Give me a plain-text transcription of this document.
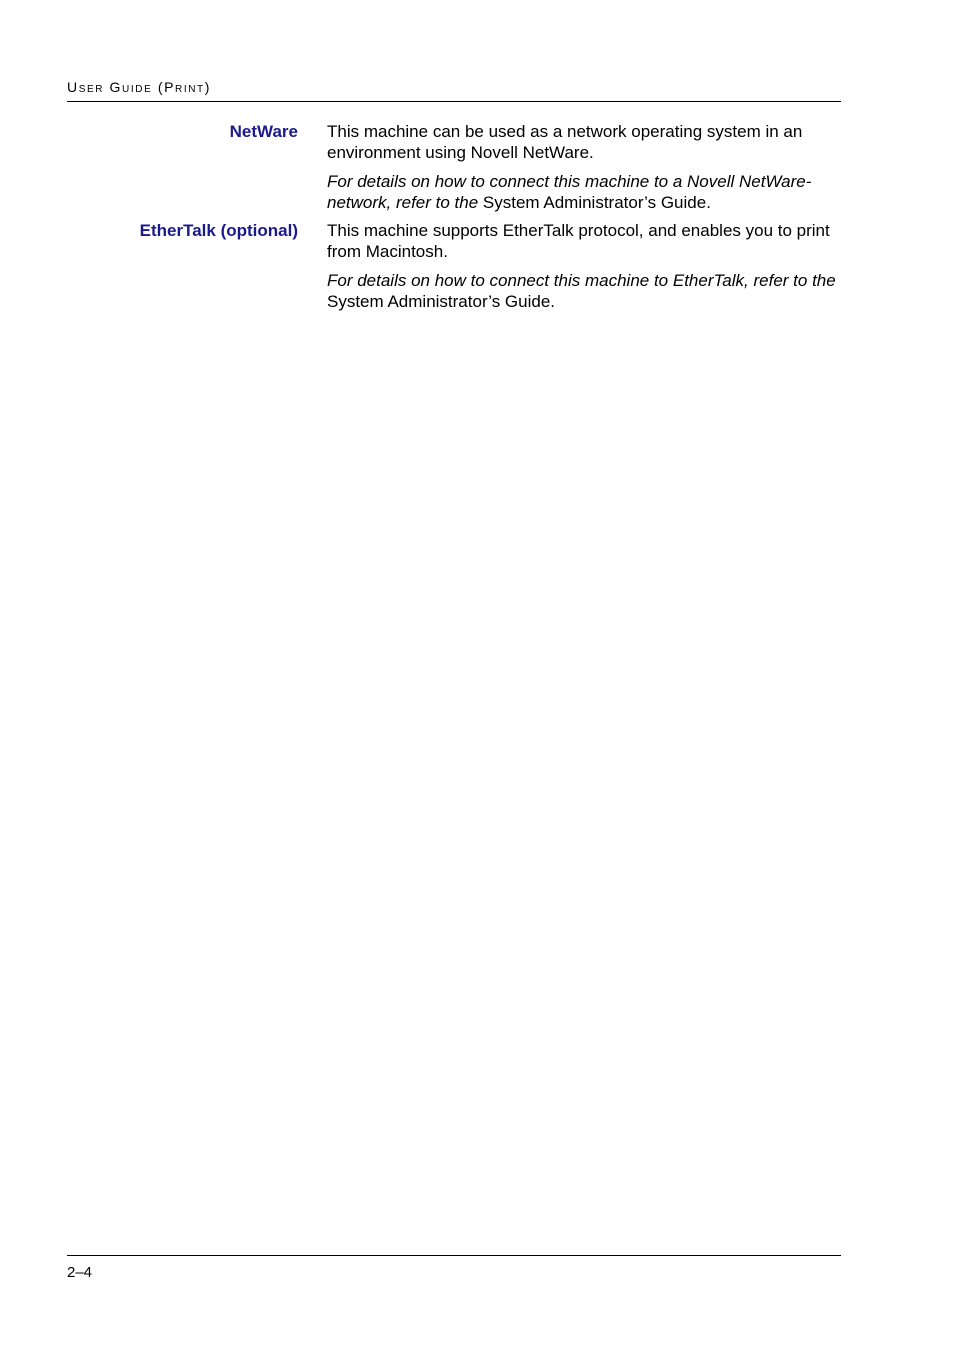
User Guide (Print)
NetWare This machine can be used as a network operating system in an environment using Novell NetWare.

For details on how to connect this machine to a Novell NetWare-network, refer to the System Administrator’s Guide.

EtherTalk (optional) This machine supports EtherTalk protocol, and enables you to print from Macintosh.

For details on how to connect this machine to EtherTalk, refer to the System Administrator’s Guide.

2–4
